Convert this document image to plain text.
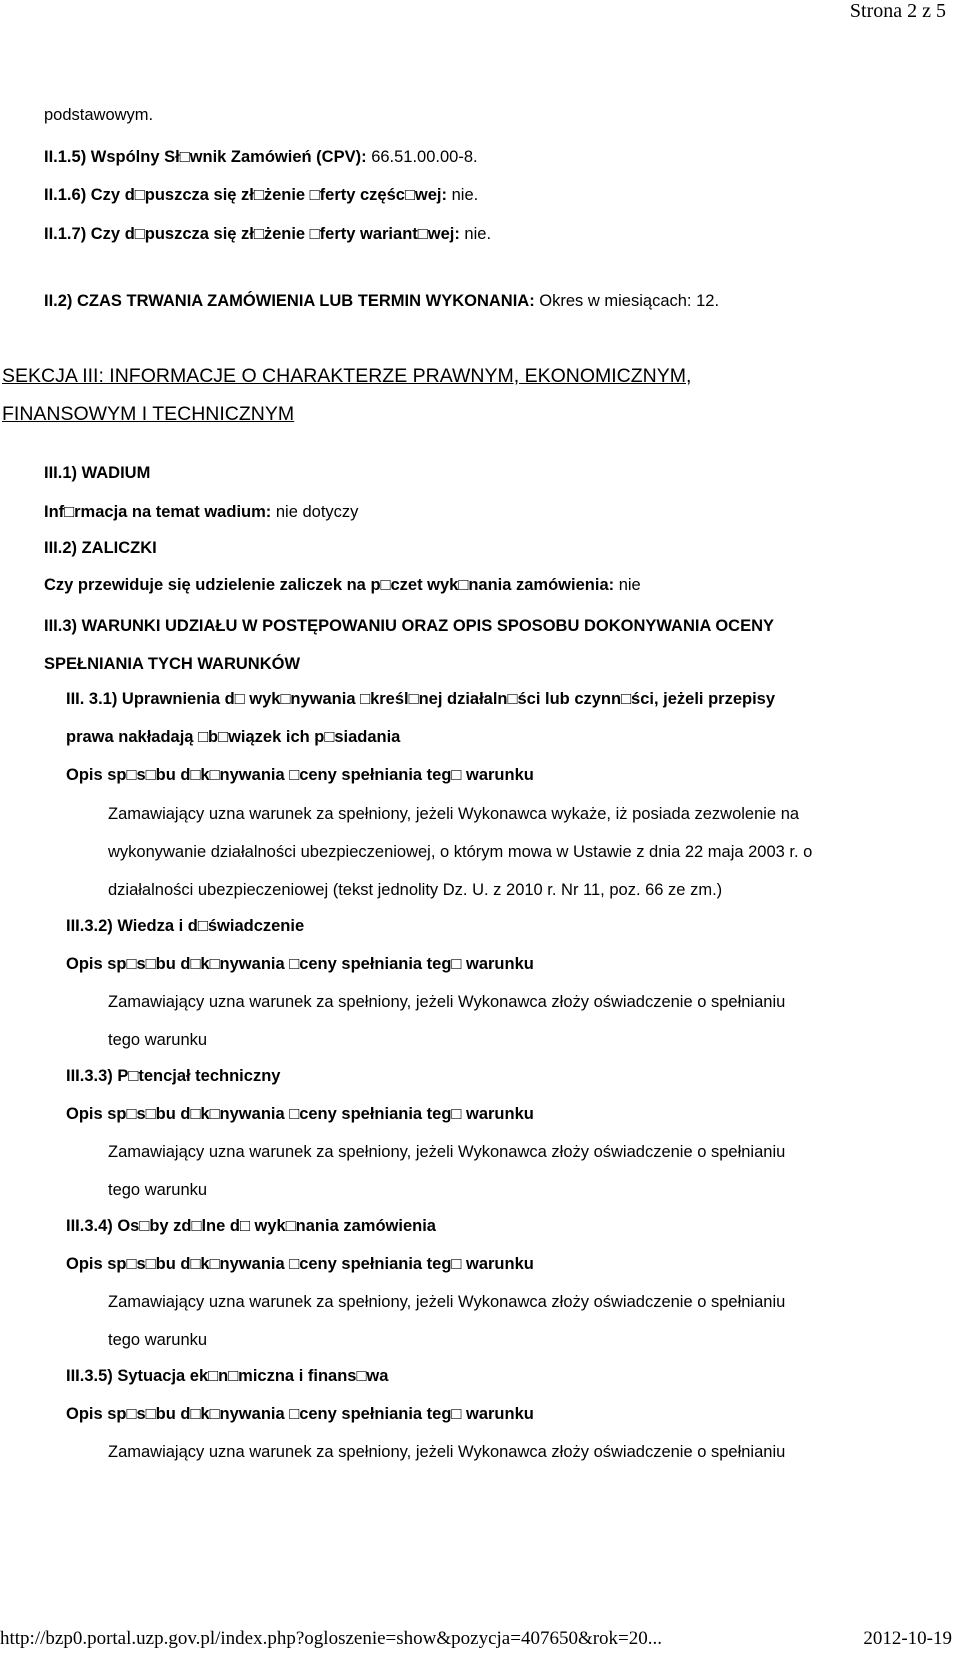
Strona 2 z 5
podstawowym.
II.1.5) Wspólny Sł□wnik Zamówień (CPV): 66.51.00.00-8.
II.1.6) Czy d□puszcza się zł□żenie □ferty częśc□wej: nie.
II.1.7) Czy d□puszcza się zł□żenie □ferty wariant□wej: nie.
II.2) CZAS TRWANIA ZAMÓWIENIA LUB TERMIN WYKONANIA: Okres w miesiącach: 12.
SEKCJA III: INFORMACJE O CHARAKTERZE PRAWNYM, EKONOMICZNYM,
FINANSOWYM I TECHNICZNYM
III.1) WADIUM
Inf□rmacja na temat wadium: nie dotyczy
III.2) ZALICZKI
Czy przewiduje się udzielenie zaliczek na p□czet wyk□nania zamówienia: nie
III.3) WARUNKI UDZIAŁU W POSTĘPOWANIU ORAZ OPIS SPOSOBU DOKONYWANIA OCENY
SPEŁNIANIA TYCH WARUNKÓW
III. 3.1) Uprawnienia d□ wyk□nywania □kreśl□nej działaln□ści lub czynn□ści, jeżeli przepisy
prawa nakładają □b□wiązek ich p□siadania
Opis sp□s□bu d□k□nywania □ceny spełniania teg□ warunku
Zamawiający uzna warunek za spełniony, jeżeli Wykonawca wykaże, iż posiada zezwolenie na
wykonywanie działalności ubezpieczeniowej, o którym mowa w Ustawie z dnia 22 maja 2003 r. o
działalności ubezpieczeniowej (tekst jednolity Dz. U. z 2010 r. Nr 11, poz. 66 ze zm.)
III.3.2) Wiedza i d□świadczenie
Opis sp□s□bu d□k□nywania □ceny spełniania teg□ warunku
Zamawiający uzna warunek za spełniony, jeżeli Wykonawca złoży oświadczenie o spełnianiu
tego warunku
III.3.3) P□tencjał techniczny
Opis sp□s□bu d□k□nywania □ceny spełniania teg□ warunku
Zamawiający uzna warunek za spełniony, jeżeli Wykonawca złoży oświadczenie o spełnianiu
tego warunku
III.3.4) Os□by zd□lne d□ wyk□nania zamówienia
Opis sp□s□bu d□k□nywania □ceny spełniania teg□ warunku
Zamawiający uzna warunek za spełniony, jeżeli Wykonawca złoży oświadczenie o spełnianiu
tego warunku
III.3.5) Sytuacja ek□n□miczna i finans□wa
Opis sp□s□bu d□k□nywania □ceny spełniania teg□ warunku
Zamawiający uzna warunek za spełniony, jeżeli Wykonawca złoży oświadczenie o spełnianiu
http://bzp0.portal.uzp.gov.pl/index.php?ogloszenie=show&pozycja=407650&rok=20...	2012-10-19
